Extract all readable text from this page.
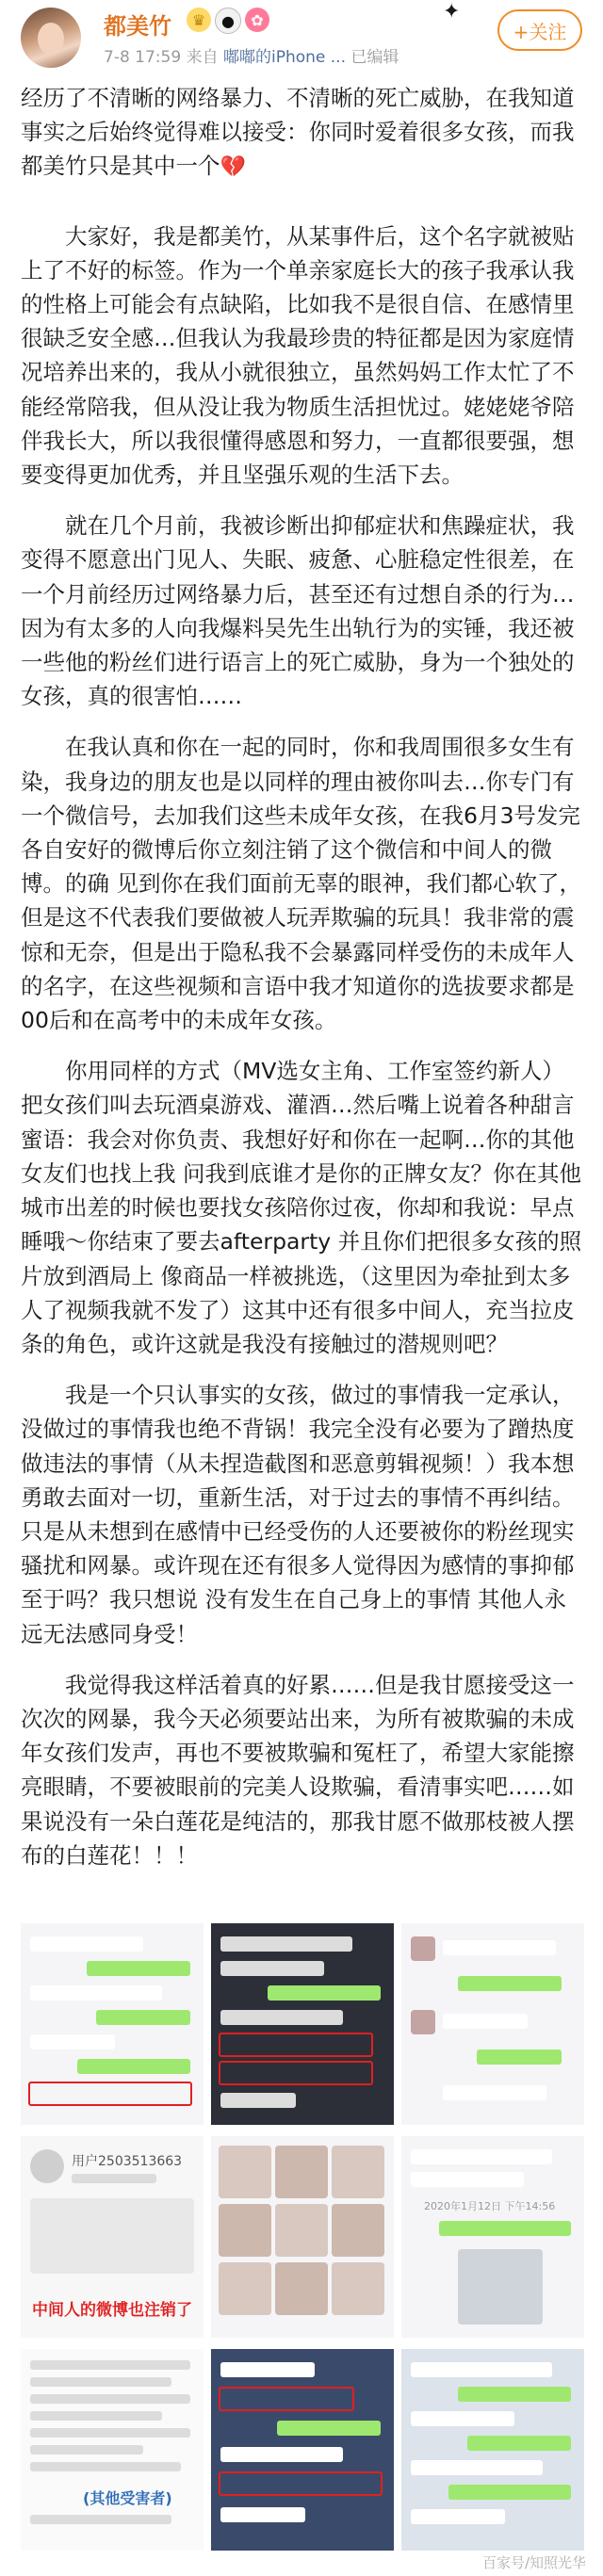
都美竹	♛	●	✿	✦
7-8 17:59 来自 嘟嘟的iPhone ... 已编辑
+关注

经历了不清晰的网络暴力、不清晰的死亡威胁，在我知道事实之后始终觉得难以接受：你同时爱着很多女孩，而我都美竹只是其中一个💔

大家好，我是都美竹，从某事件后，这个名字就被贴上了不好的标签。作为一个单亲家庭长大的孩子我承认我的性格上可能会有点缺陷，比如我不是很自信、在感情里很缺乏安全感…但我认为我最珍贵的特征都是因为家庭情况培养出来的，我从小就很独立，虽然妈妈工作太忙了不能经常陪我，但从没让我为物质生活担忧过。姥姥姥爷陪伴我长大，所以我很懂得感恩和努力，一直都很要强，想要变得更加优秀，并且坚强乐观的生活下去。

就在几个月前，我被诊断出抑郁症状和焦躁症状，我变得不愿意出门见人、失眠、疲惫、心脏稳定性很差，在一个月前经历过网络暴力后，甚至还有过想自杀的行为…因为有太多的人向我爆料吴先生出轨行为的实锤，我还被一些他的粉丝们进行语言上的死亡威胁，身为一个独处的女孩，真的很害怕……

在我认真和你在一起的同时，你和我周围很多女生有染，我身边的朋友也是以同样的理由被你叫去…你专门有一个微信号，去加我们这些未成年女孩，在我6月3号发完各自安好的微博后你立刻注销了这个微信和中间人的微博。的确 见到你在我们面前无辜的眼神，我们都心软了，但是这不代表我们要做被人玩弄欺骗的玩具！我非常的震惊和无奈，但是出于隐私我不会暴露同样受伤的未成年人的名字，在这些视频和言语中我才知道你的选拔要求都是00后和在高考中的未成年女孩。

你用同样的方式（MV选女主角、工作室签约新人）把女孩们叫去玩酒桌游戏、灌酒…然后嘴上说着各种甜言蜜语：我会对你负责、我想好好和你在一起啊…你的其他女友们也找上我 问我到底谁才是你的正牌女友？你在其他城市出差的时候也要找女孩陪你过夜，你却和我说：早点睡哦～你结束了要去afterparty 并且你们把很多女孩的照片放到酒局上 像商品一样被挑选，（这里因为牵扯到太多人了视频我就不发了）这其中还有很多中间人，充当拉皮条的角色，或许这就是我没有接触过的潜规则吧？

我是一个只认事实的女孩，做过的事情我一定承认，没做过的事情我也绝不背锅！我完全没有必要为了蹭热度做违法的事情（从未捏造截图和恶意剪辑视频！）我本想勇敢去面对一切，重新生活，对于过去的事情不再纠结。只是从未想到在感情中已经受伤的人还要被你的粉丝现实骚扰和网暴。或许现在还有很多人觉得因为感情的事抑郁 至于吗？我只想说 没有发生在自己身上的事情 其他人永远无法感同身受！

我觉得我这样活着真的好累……但是我甘愿接受这一次次的网暴，我今天必须要站出来，为所有被欺骗的未成年女孩们发声，再也不要被欺骗和冤枉了，希望大家能擦亮眼睛，不要被眼前的完美人设欺骗，看清事实吧……如果说没有一朵白莲花是纯洁的，那我甘愿不做那枝被人摆布的白莲花！！！

用户2503513663
中间人的微博也注销了
2020年1月12日 下午14:56
(其他受害者)
百家号/知照光华
